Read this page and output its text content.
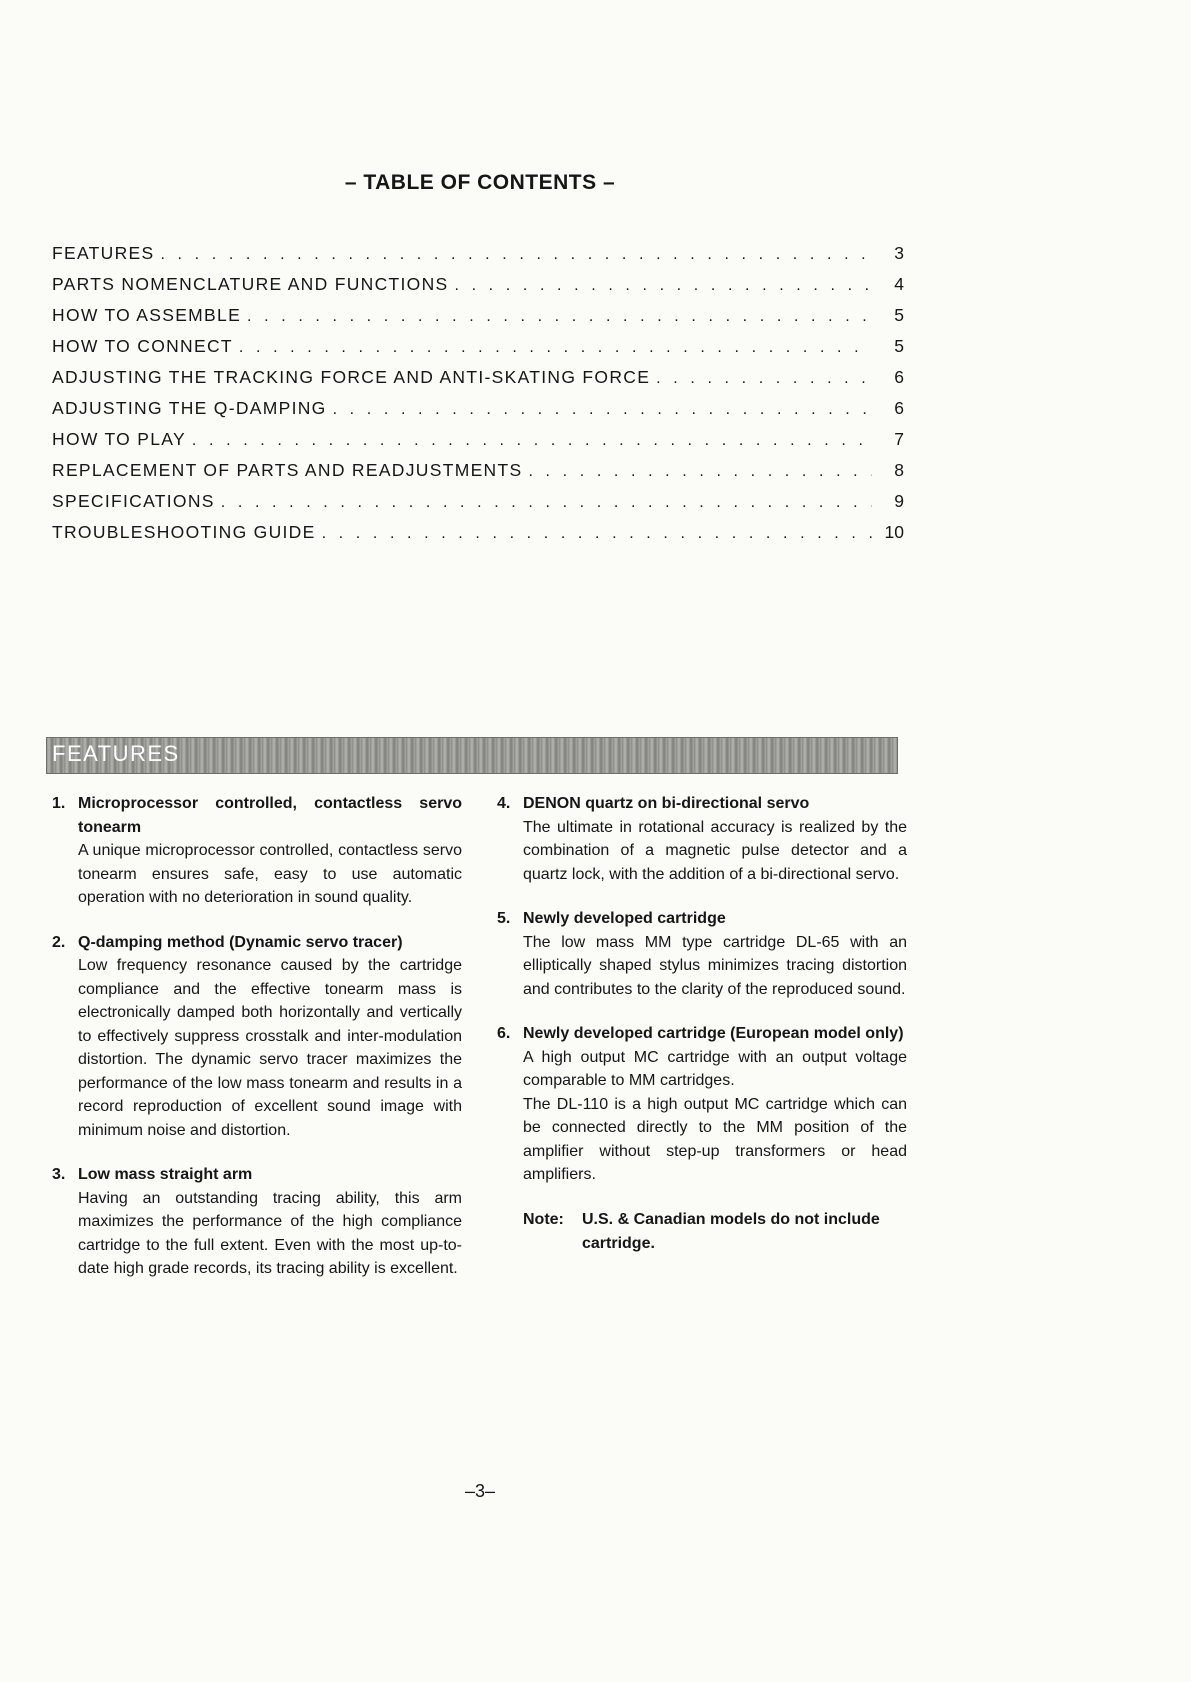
– TABLE OF CONTENTS –
FEATURES . . .	3
PARTS NOMENCLATURE AND FUNCTIONS . . .	4
HOW TO ASSEMBLE . . .	5
HOW TO CONNECT . . .	5
ADJUSTING THE TRACKING FORCE AND ANTI-SKATING FORCE . . .	6
ADJUSTING THE Q-DAMPING . . .	6
HOW TO PLAY . . .	7
REPLACEMENT OF PARTS AND READJUSTMENTS . . .	8
SPECIFICATIONS . . .	9
TROUBLESHOOTING GUIDE . . .	10
FEATURES
1. Microprocessor controlled, contactless servo tonearm

A unique microprocessor controlled, contactless servo tonearm ensures safe, easy to use automatic operation with no deterioration in sound quality.

2. Q-damping method (Dynamic servo tracer)

Low frequency resonance caused by the cartridge compliance and the effective tonearm mass is electronically damped both horizontally and vertically to effectively suppress crosstalk and inter-modulation distortion. The dynamic servo tracer maximizes the performance of the low mass tonearm and results in a record reproduction of excellent sound image with minimum noise and distortion.

3. Low mass straight arm

Having an outstanding tracing ability, this arm maximizes the performance of the high compliance cartridge to the full extent. Even with the most up-to-date high grade records, its tracing ability is excellent.

4. DENON quartz on bi-directional servo

The ultimate in rotational accuracy is realized by the combination of a magnetic pulse detector and a quartz lock, with the addition of a bi-directional servo.

5. Newly developed cartridge

The low mass MM type cartridge DL-65 with an elliptically shaped stylus minimizes tracing distortion and contributes to the clarity of the reproduced sound.

6. Newly developed cartridge (European model only)

A high output MC cartridge with an output voltage comparable to MM cartridges.

The DL-110 is a high output MC cartridge which can be connected directly to the MM position of the amplifier without step-up transformers or head amplifiers.

Note:	U.S. & Canadian models do not include cartridge.
–3–
